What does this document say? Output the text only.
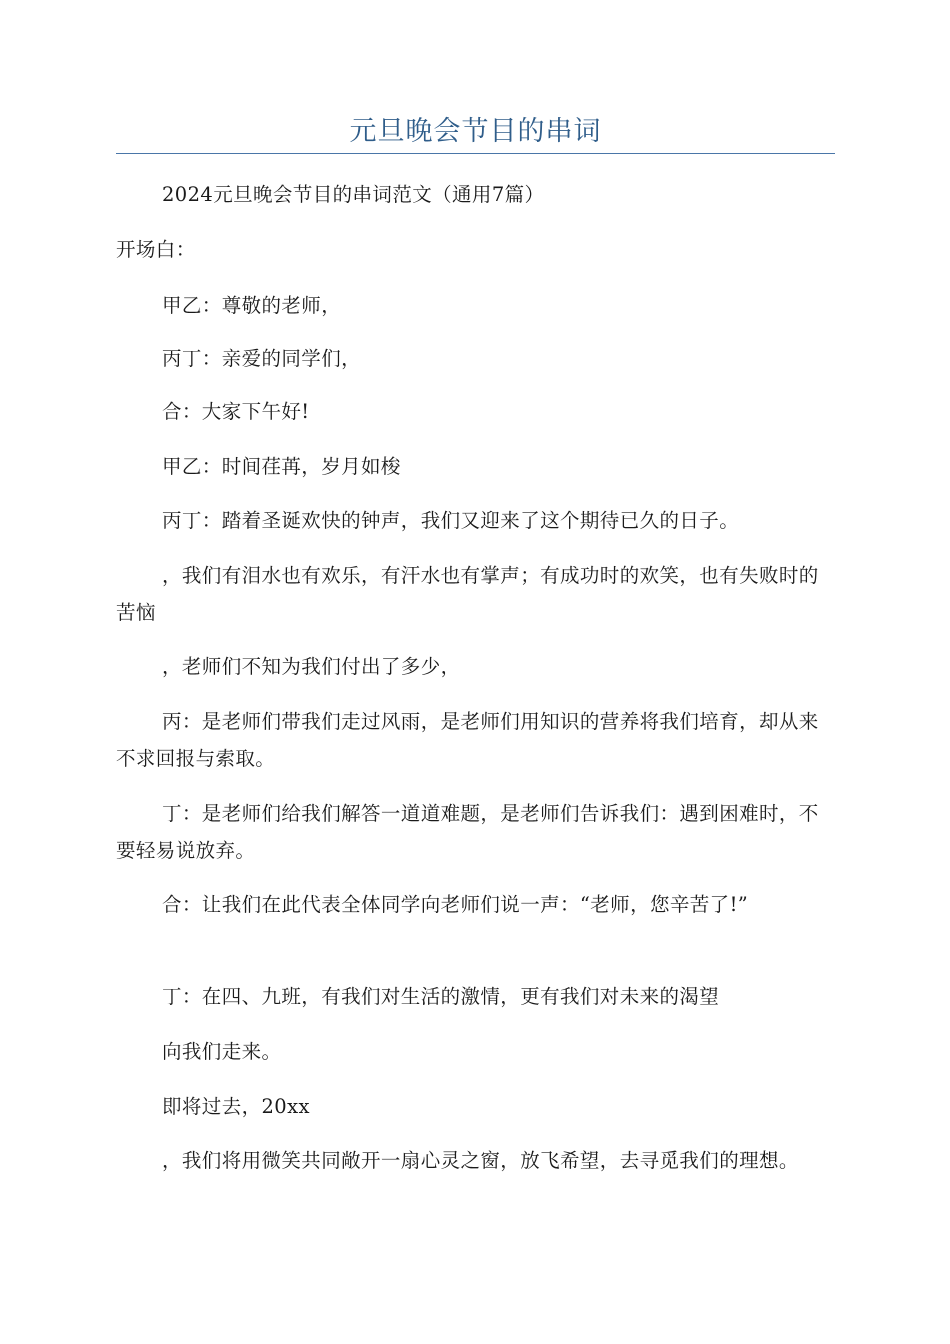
元旦晚会节目的串词

2024元旦晚会节目的串词范文（通用7篇）

开场白：

甲乙：尊敬的老师，

丙丁：亲爱的同学们，

合：大家下午好!

甲乙：时间荏苒，岁月如梭

丙丁：踏着圣诞欢快的钟声，我们又迎来了这个期待已久的日子。

，我们有泪水也有欢乐，有汗水也有掌声；有成功时的欢笑，也有失败时的苦恼

，老师们不知为我们付出了多少，

丙：是老师们带我们走过风雨，是老师们用知识的营养将我们培育，却从来不求回报与索取。

丁：是老师们给我们解答一道道难题，是老师们告诉我们：遇到困难时，不要轻易说放弃。

合：让我们在此代表全体同学向老师们说一声：“老师，您辛苦了!”

丁：在四、九班，有我们对生活的激情，更有我们对未来的渴望

向我们走来。

即将过去，20xx

，我们将用微笑共同敞开一扇心灵之窗，放飞希望，去寻觅我们的理想。
